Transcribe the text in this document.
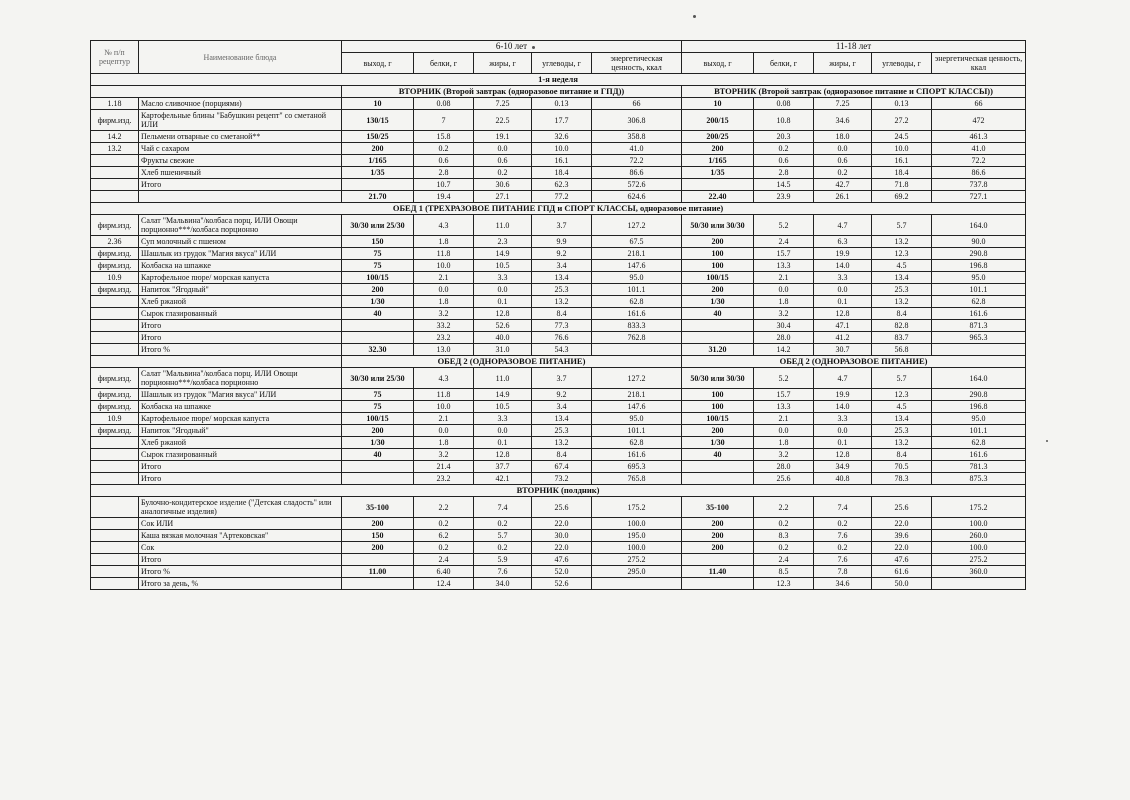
№ п/п рецептур	Наименование блюда	6-10 лет					11-18 лет				
		выход, г	белки, г	жиры, г	углеводы, г	энергетическая ценность, ккал	выход, г	белки, г	жиры, г	углеводы, г	энергетическая ценность, ккал
1-я неделя											
		ВТОРНИК (Второй завтрак (одноразовое питание и ГПД))					ВТОРНИК (Второй завтрак (одноразовое питание и СПОРТ КЛАССЫ))				
1.18	Масло сливочное (порциями)	10	0.08	7.25	0.13	66	10	0.08	7.25	0.13	66
фирм.изд.	Картофельные блины "Бабушкин рецепт" со сметаной ИЛИ	130/15	7	22.5	17.7	306.8	200/15	10.8	34.6	27.2	472
14.2	Пельмени отварные со сметаной**	150/25	15.8	19.1	32.6	358.8	200/25	20.3	18.0	24.5	461.3
13.2	Чай с сахаром	200	0.2	0.0	10.0	41.0	200	0.2	0.0	10.0	41.0
	Фрукты свежие	1/165	0.6	0.6	16.1	72.2	1/165	0.6	0.6	16.1	72.2
	Хлеб пшеничный	1/35	2.8	0.2	18.4	86.6	1/35	2.8	0.2	18.4	86.6
	Итого		10.7	30.6	62.3	572.6		14.5	42.7	71.8	737.8
		21.70	19.4	27.1	77.2	624.6	22.40	23.9	26.1	69.2	727.1
ОБЕД 1 (ТРЕХРАЗОВОЕ ПИТАНИЕ ГПД и СПОРТ КЛАССЫ, одноразовое питание)											
фирм.изд.	Салат "Мальвина"/колбаса порц. ИЛИ Овощи порционно***/колбаса порционно	30/30 или 25/30	4.3	11.0	3.7	127.2	50/30 или 30/30	5.2	4.7	5.7	164.0
2.36	Суп молочный с пшеном	150	1.8	2.3	9.9	67.5	200	2.4	6.3	13.2	90.0
фирм.изд.	Шашлык из грудок "Магия вкуса" ИЛИ	75	11.8	14.9	9.2	218.1	100	15.7	19.9	12.3	290.8
фирм.изд.	Колбаска на шпажке	75	10.0	10.5	3.4	147.6	100	13.3	14.0	4.5	196.8
10.9	Картофельное пюре/ морская капуста	100/15	2.1	3.3	13.4	95.0	100/15	2.1	3.3	13.4	95.0
фирм.изд.	Напиток "Ягодный"	200	0.0	0.0	25.3	101.1	200	0.0	0.0	25.3	101.1
	Хлеб ржаной	1/30	1.8	0.1	13.2	62.8	1/30	1.8	0.1	13.2	62.8
	Сырок глазированный	40	3.2	12.8	8.4	161.6	40	3.2	12.8	8.4	161.6
	Итого		33.2	52.6	77.3	833.3		30.4	47.1	82.8	871.3
	Итого		23.2	40.0	76.6	762.8		28.0	41.2	83.7	965.3
	Итого %	32.30	13.0	31.0	54.3		31.20	14.2	30.7	56.8	
		ОБЕД 2 (ОДНОРАЗОВОЕ ПИТАНИЕ)					ОБЕД 2 (ОДНОРАЗОВОЕ ПИТАНИЕ)				
фирм.изд.	Салат "Мальвина"/колбаса порц. ИЛИ Овощи порционно***/колбаса порционно	30/30 или 25/30	4.3	11.0	3.7	127.2	50/30 или 30/30	5.2	4.7	5.7	164.0
фирм.изд.	Шашлык из грудок "Магия вкуса" ИЛИ	75	11.8	14.9	9.2	218.1	100	15.7	19.9	12.3	290.8
фирм.изд.	Колбаска на шпажке	75	10.0	10.5	3.4	147.6	100	13.3	14.0	4.5	196.8
10.9	Картофельное пюре/ морская капуста	100/15	2.1	3.3	13.4	95.0	100/15	2.1	3.3	13.4	95.0
фирм.изд.	Напиток "Ягодный"	200	0.0	0.0	25.3	101.1	200	0.0	0.0	25.3	101.1
	Хлеб ржаной	1/30	1.8	0.1	13.2	62.8	1/30	1.8	0.1	13.2	62.8
	Сырок глазированный	40	3.2	12.8	8.4	161.6	40	3.2	12.8	8.4	161.6
	Итого		21.4	37.7	67.4	695.3		28.0	34.9	70.5	781.3
	Итого		23.2	42.1	73.2	765.8		25.6	40.8	78.3	875.3
ВТОРНИК (полдник)											
	Булочно-кондитерское изделие ("Детская сладость" или аналогичные изделия)	35-100	2.2	7.4	25.6	175.2	35-100	2.2	7.4	25.6	175.2
	Сок ИЛИ	200	0.2	0.2	22.0	100.0	200	0.2	0.2	22.0	100.0
	Каша вязкая молочная "Артековская"	150	6.2	5.7	30.0	195.0	200	8.3	7.6	39.6	260.0
	Сок	200	0.2	0.2	22.0	100.0	200	0.2	0.2	22.0	100.0
	Итого		2.4	5.9	47.6	275.2		2.4	7.6	47.6	275.2
	Итого %	11.00	6.40	7.6	52.0	295.0	11.40	8.5	7.8	61.6	360.0
	Итого за день, %		12.4	34.0	52.6			12.3	34.6	50.0	
